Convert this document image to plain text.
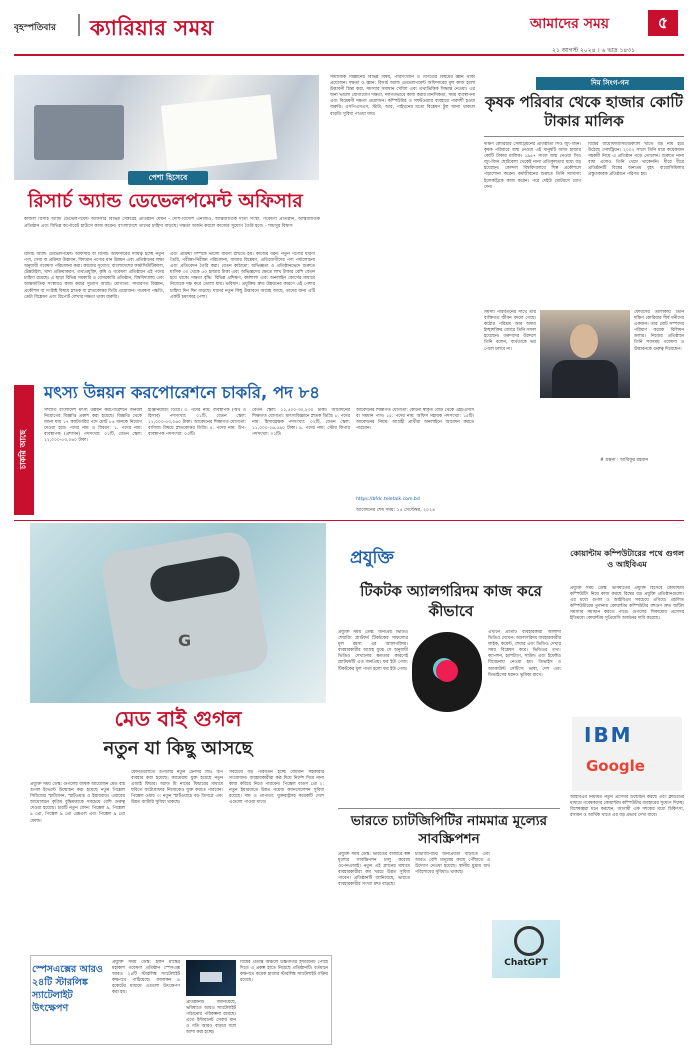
বৃহস্পতিবার ক্যারিয়ার সময়	আমাদের সময়	৫
২১ আগস্ট ২০২৪ । ৬ ভাদ্র ১৪৩১
পেশা হিসেবে
রিসার্চ অ্যান্ড ডেভেলপমেন্ট অফিসার
কাজল রিসার্চ অ্যান্ড ডেভেলপমেন্ট অফিসার বিভিন্ন সেক্টরেই প্রতিষ্ঠান যেমন - দেশি-বিদেশি এনজিও, আন্তর্জাতিক দাতা সংস্থা, গবেষণা প্রতিষ্ঠান, আন্তর্জাতিক প্রতিষ্ঠান এবং বিভিন্ন কর্পোরেট হাউসে কাজ করেন। বাংলাদেশে তাদের চাহিদা বাড়ছে। দক্ষতা অর্জন করলে কাজের সুযোগ তৈরি হবে। - শামসুর বিশ্বাস
রিসার্চ অ্যান্ড ডেভেলপমেন্ট অফিসার বা রিসার্চ অফিসারের দায়িত্ব হচ্ছে নতুন পণ্য, সেবা বা প্রক্রিয়া উদ্ভাবন, বিদ্যমান পণ্যের মান উন্নয়ন এবং প্রতিষ্ঠানের লক্ষ্য অনুযায়ী গবেষণা পরিচালনা করা। কাজের সুযোগ: বাংলাদেশের ফার্মাসিউটিক্যাল, টেক্সটাইল, খাদ্য প্রক্রিয়াকরণ, তথ্যপ্রযুক্তি, কৃষি ও গবেষণা প্রতিষ্ঠানে এই পদের চাহিদা রয়েছে। এ ছাড়া বিভিন্ন সরকারি ও বেসরকারি প্রতিষ্ঠান, বিশ্ববিদ্যালয় এবং আন্তর্জাতিক সংস্থায়ও কাজ করার সুযোগ আছে। যোগ্যতা: সাধারণত বিজ্ঞান, প্রকৌশল বা সংশ্লিষ্ট বিষয়ে স্নাতক বা স্নাতকোত্তর ডিগ্রি প্রয়োজন। গবেষণা পদ্ধতি, ডেটা বিশ্লেষণ এবং রিপোর্ট লেখার দক্ষতা থাকা জরুরি।
এবং প্রক্রিয়া সম্পর্কে ভালো ধারণা রাখতে হয়। কাজের ধরন: নতুন পণ্যের ধারণা তৈরি, পরীক্ষা-নিরীক্ষা পরিচালনা, বাজার বিশ্লেষণ, প্রতিযোগীদের পণ্য পর্যালোচনা এবং প্রতিবেদন তৈরি করা। বেতন কাঠামো: অভিজ্ঞতা ও প্রতিষ্ঠানভেদে শুরুতে মাসিক ৩০ থেকে ৫০ হাজার টাকা এবং অভিজ্ঞদের ক্ষেত্রে লাখ টাকার বেশি বেতন হয়ে থাকে। দক্ষতা বৃদ্ধি: বিভিন্ন প্রশিক্ষণ, কর্মশালা এবং অনলাইন কোর্সের মাধ্যমে নিজেকে দক্ষ করে তোলা যায়। ভবিষ্যৎ: প্রযুক্তির দ্রুত উন্নয়নের কারণে এই পেশার চাহিদা দিন দিন বাড়ছে। যাদের নতুন কিছু উদ্ভাবনে আগ্রহ আছে, তাদের জন্য এটি একটি চমৎকার পেশা।
সামাজিক বিজ্ঞানের বিভিন্ন বিষয়, পরিসংখ্যান ও গণিতের বিষয়ের জ্ঞান থাকা প্রয়োজন। দক্ষতা ও জ্ঞান: রিসার্চ অ্যান্ড ডেভেলপমেন্ট অফিসারের মূল কাজ হলো উদ্ভাবনী চিন্তা করা, সমস্যার সমাধান খোঁজা এবং তথ্যভিত্তিক সিদ্ধান্ত নেওয়া। এর জন্য ভালো যোগাযোগ দক্ষতা, দলগতভাবে কাজ করার মানসিকতা, সময় ব্যবস্থাপনা এবং বিশ্লেষণী দক্ষতা প্রয়োজন। কম্পিউটার ও সফটওয়্যার ব্যবহারে পারদর্শী হওয়া জরুরি। এসপিএসএস, স্টাটা, আর, পাইথনের মতো বিশ্লেষণ টুল জানা থাকলে বাড়তি সুবিধা পাওয়া যায়।
দিম সিংগ-গন
কৃষক পরিবার থেকে হাজার কোটি টাকার মালিক
দক্ষিণ কোরিয়ার সেলট্রিয়নের প্রতিষ্ঠাতা সিও জুং-জিন। কৃষক পরিবারে জন্ম নেওয়া এই মানুষটি আজ হাজার কোটি টাকার মালিক। ১৯৫৭ সালে জন্ম নেওয়া সিও জুং-জিন ছোটবেলা থেকেই নানা প্রতিকূলতার মধ্যে বড় হয়েছেন। কোন্দল বিশ্ববিদ্যালয়ে শিল্প প্রকৌশলে পড়াশোনা করেন। কর্মজীবনের শুরুতে তিনি স্যামসাং ইলেকট্রিকে কাজ করেন। পরে দেইউ মোটরসে যোগ দেন।
বিশ্বের বায়োফার্মাসিউটিক্যাল খাতে বড় নাম হয়ে উঠেছে সেলট্রিয়ন। ২০০২ সালে তিনি মাত্র কয়েকজন সহকর্মী নিয়ে এ প্রতিষ্ঠান গড়ে তোলেন। শুরুতে নানা বাধা এলেও তিনি থেমে থাকেননি। ধীরে ধীরে প্রতিষ্ঠানটি বিশ্বের অন্যতম বৃহৎ বায়োসিমিলার প্রস্তুতকারক প্রতিষ্ঠানে পরিণত হয়।
সমস্যা পরিবর্তনের সাথে তার ব্যক্তিগত জীবন বদলে গেছে। কঠোর পরিশ্রম আর অদম্য ইচ্ছাশক্তির জোরে তিনি সফল হয়েছেন। তরুণদের উদ্দেশে তিনি বলেন, ব্যর্থতাকে ভয় পেলে চলবে না।
ফোর্বসের তালিকায় তিনি দক্ষিণ কোরিয়ার শীর্ষ ধনীদের একজন। তার মোট সম্পদের পরিমাণ কয়েক বিলিয়ন ডলার। নিজের প্রতিষ্ঠানে তিনি সবসময় গবেষণা ও উদ্ভাবনকে গুরুত্ব দিয়েছেন।
# গ্রন্থনা : আরিফুর রহমান
চাকরি আছে
মৎস্য উন্নয়ন করপোরেশনে চাকরি, পদ ৮৪
সম্প্রতি বাংলাদেশ মৎস্য উন্নয়ন করপোরেশনে জনবল নিয়োগের বিজ্ঞপ্তি প্রকাশ করা হয়েছে। বিজ্ঞপ্তি থেকে জানা যায় ১৭ ক্যাটাগরির পদে মোট ৮৪ জনকে নিয়োগ দেওয়া হবে। পদের নাম ও বিবরণ: ১. পদের নাম: ব্যবস্থাপক (প্রশাসন) পদসংখ্যা: ০১টি, বেতন স্কেল: ২২,০০০-৫৩,০৬০ টাকা।
ইঞ্জিনিয়ারিং ডিগ্রি। ৩. পদের নাম: ব্যবস্থাপক (অর্থ ও হিসাব) পদসংখ্যা: ০১টি, বেতন স্কেল: ২২,০০০-৫৩,০৬০ টাকা। আবেদনের শিক্ষাগত যোগ্যতা: বাণিজ্য বিষয়ে স্নাতকোত্তর ডিগ্রি। ৪. পদের নাম: উপ-ব্যবস্থাপক পদসংখ্যা: ০৩টি।
বেতন স্কেল: ১২,৫০০-৩০,২৩০ টাকা। আবেদনের শিক্ষাগত যোগ্যতা: মাৎস্যবিজ্ঞানে স্নাতক ডিগ্রি। ৮. পদের নাম: হিসাবরক্ষক পদসংখ্যা: ০২টি, বেতন স্কেল: ১১,০০০-২৬,৫৯০ টাকা। ৯. পদের নাম: স্টোর কিপার পদসংখ্যা: ০১টি।
আবেদনের শিক্ষাগত যোগ্যতা: কোনো স্বীকৃত বোর্ড থেকে এইচএসসি বা সমমান পাস। ১৫. পদের নাম: অফিস সহায়ক পদসংখ্যা: ১৫টি। আবেদনের নিয়ম: আগ্রহী প্রার্থীরা অনলাইনে আবেদন করতে পারবেন।
https://bfdc.teletalk.com.bd
আবেদনের শেষ সময়: ১৫ সেপ্টেম্বর, ২০২৪
G
প্রযুক্তি
মেড বাই গুগল
নতুন যা কিছু আসছে
প্রযুক্তি সময় ডেস্ক: গুগলের বার্ষিক আয়োজন মেড বাই গুগল ইভেন্টে উন্মোচন করা হয়েছে নতুন পিক্সেল সিরিজের স্মার্টফোন, স্মার্টওয়াচ ও ইয়ারবাড। এবারের আয়োজনে কৃত্রিম বুদ্ধিমত্তাকে সবচেয়ে বেশি গুরুত্ব দেওয়া হয়েছে। চারটি নতুন ফোন: পিক্সেল ৯, পিক্সেল ৯ প্রো, পিক্সেল ৯ প্রো এক্সএল এবং পিক্সেল ৯ প্রো ফোল্ড।
ফোনগুলোতে গুগলের নতুন টেনসর জি৪ চিপ ব্যবহার করা হয়েছে। ক্যামেরায় যুক্ত হয়েছে নতুন এআই ফিচার। অ্যাড মি নামের ফিচারের মাধ্যমে ছবিতে ফটোগ্রাফার নিজেকেও যুক্ত করতে পারবেন। পিক্সেল ওয়াচ ৩: নতুন স্মার্টওয়াচে বড় ডিসপ্লে এবং উন্নত ব্যাটারি সুবিধা থাকছে।
সবচেয়ে বড় পরিবর্তন হচ্ছে জেমিনি সহকারীর সংযোজন। ব্যবহারকারীরা কণ্ঠ দিয়ে নির্দেশ দিয়ে নানা কাজ করিয়ে নিতে পারবেন। পিক্সেল বাডস প্রো ২: নতুন ইয়ারবাডে উন্নত নয়েজ ক্যানসেলেশন সুবিধা রয়েছে। দাম ও প্রাপ্যতা: যুক্তরাষ্ট্রসহ কয়েকটি দেশে এগুলো পাওয়া যাবে।
টিকটক অ্যালগরিদম কাজ করে কীভাবে
প্রযুক্তি সময় ডেস্ক: জনপ্রিয় ভিডিও শেয়ারিং প্ল্যাটফর্ম টিকটকের সাফল্যের মূল রহস্য এর অ্যালগরিদম। ব্যবহারকারীর আগ্রহ বুঝে সে অনুযায়ী ভিডিও দেখানোর ক্ষমতার কারণেই প্ল্যাটফর্মটি এত জনপ্রিয়। ফর ইউ পেজ: টিকটকের মূল পাতা হলো ফর ইউ পেজ।
এখানে প্রতিটি ব্যবহারকারী আলাদা ভিডিও দেখেন। অ্যালগরিদম ব্যবহারকারীর লাইক, কমেন্ট, শেয়ার এবং ভিডিও দেখার সময় বিশ্লেষণ করে। ভিডিওর তথ্য: ক্যাপশন, হ্যাশট্যাগ, সাউন্ড এবং ইফেক্টও বিবেচনায় নেওয়া হয়। ডিভাইস ও অ্যাকাউন্ট সেটিংস: ভাষা, দেশ এবং ডিভাইসের ধরনও ভূমিকা রাখে।
ভারতে চ্যাটজিপিটির নামমাত্র মূল্যের সাবস্ক্রিপশন
প্রযুক্তি সময় ডেস্ক: ভারতের বাজারে স্বল্প মূল্যের সাবস্ক্রিপশন চালু করেছে ওপেনএআই। নতুন এই প্ল্যানের মাধ্যমে ব্যবহারকারীরা কম খরচে উন্নত সুবিধা পাবেন। প্রতিষ্ঠানটি জানিয়েছে, ভারতে ব্যবহারকারীর সংখ্যা দ্রুত বাড়ছে।
চ্যাটজিপিটির জনপ্রিয়তা বাড়াতে এবং আরও বেশি মানুষের কাছে পৌঁছাতে এ উদ্যোগ নেওয়া হয়েছে। স্থানীয় মুদ্রায় অর্থ পরিশোধের সুবিধাও থাকছে।
ChatGPT
কোয়ান্টাম কম্পিউটারের পথে গুগল ও আইবিএম
প্রযুক্তি সময় ডেস্ক: ভবিষ্যতের প্রযুক্তি হিসেবে কোয়ান্টাম কম্পিউটিং নিয়ে কাজ করছে বিশ্বের বড় প্রযুক্তি প্রতিষ্ঠানগুলো। এর মধ্যে গুগল ও আইবিএম সবচেয়ে এগিয়ে। প্রচলিত কম্পিউটারের তুলনায় কোয়ান্টাম কম্পিউটার বহুগুণ দ্রুত জটিল সমস্যার সমাধান করতে পারে। গুগলের সিকামোর প্রসেসর ইতিমধ্যে কোয়ান্টাম সুপ্রিমেসি অর্জনের দাবি করেছে।
IBM
Google
আইবিএম নিয়মিত নতুন প্রসেসর উন্মোচন করছে এবং ক্লাউডের মাধ্যমে গবেষকদের কোয়ান্টাম কম্পিউটার ব্যবহারের সুযোগ দিচ্ছে। বিশেষজ্ঞরা মনে করছেন, আগামী এক দশকের মধ্যে চিকিৎসা, রসায়ন ও আর্থিক খাতে এর বড় প্রভাব দেখা যাবে।
স্পেসএক্সের আরও ২৪টি স্টারলিঙ্ক স্যাটেলাইট উৎক্ষেপণ
প্রযুক্তি সময় ডেস্ক: ইলন মাস্কের মহাকাশ গবেষণা প্রতিষ্ঠান স্পেসএক্স আরও ২৪টি স্টারলিঙ্ক স্যাটেলাইট কক্ষপথে পাঠিয়েছে। ফ্যালকন ৯ রকেটের মাধ্যমে এগুলো উৎক্ষেপণ করা হয়।
বিশ্বের প্রত্যন্ত অঞ্চলে উচ্চগতির ইন্টারনেট পৌঁছে দিতে এ প্রকল্প হাতে নিয়েছে প্রতিষ্ঠানটি। বর্তমানে কক্ষপথে কয়েক হাজার স্টারলিঙ্ক স্যাটেলাইট সক্রিয় রয়েছে।
প্রতিষ্ঠানটি জানিয়েছে, ভবিষ্যতে আরও স্যাটেলাইট পাঠানোর পরিকল্পনা রয়েছে। এতে ইন্টারনেট সেবার মান ও গতি আরও বাড়বে বলে আশা করা হচ্ছে।
